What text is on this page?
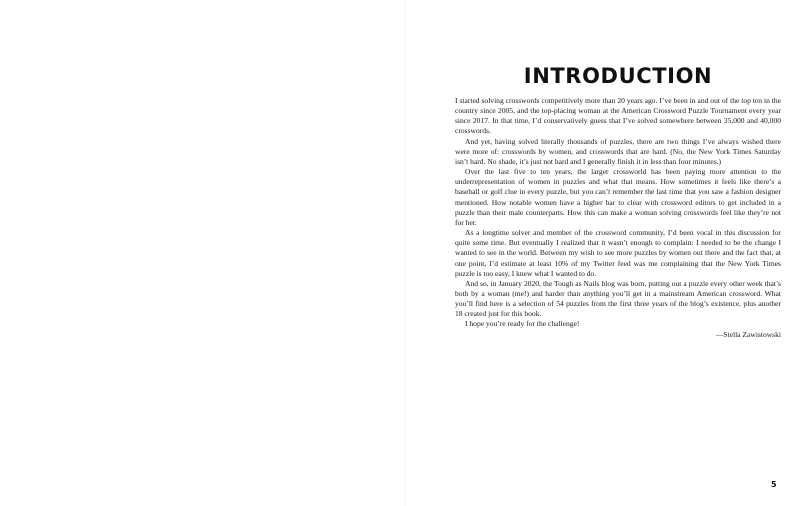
INTRODUCTION

I started solving crosswords competitively more than 20 years ago. I’ve been in and out of the top ten in the country since 2005, and the top-placing woman at the American Crossword Puzzle Tournament every year since 2017. In that time, I’d conservatively guess that I’ve solved somewhere between 35,000 and 40,000 crosswords.

And yet, having solved literally thousands of puzzles, there are two things I’ve always wished there were more of: crosswords by women, and crosswords that are hard. (No, the New York Times Saturday isn’t hard. No shade, it’s just not hard and I generally finish it in less than four minutes.)

Over the last five to ten years, the larger crossworld has been paying more attention to the underrepresentation of women in puzzles and what that means. How sometimes it feels like there’s a baseball or golf clue in every puzzle, but you can’t remember the last time that you saw a fashion designer mentioned. How notable women have a higher bar to clear with crossword editors to get included in a puzzle than their male counterparts. How this can make a woman solving crosswords feel like they’re not for her.

As a longtime solver and member of the crossword community, I’d been vocal in this discussion for quite some time. But eventually I realized that it wasn’t enough to complain: I needed to be the change I wanted to see in the world. Between my wish to see more puzzles by women out there and the fact that, at one point, I’d estimate at least 10% of my Twitter feed was me complaining that the New York Times puzzle is too easy, I knew what I wanted to do.

And so, in January 2020, the Tough as Nails blog was born, putting out a puzzle every other week that’s both by a woman (me!) and harder than anything you’ll get in a mainstream American crossword. What you’ll find here is a selection of 54 puzzles from the first three years of the blog’s existence, plus another 18 created just for this book.

I hope you’re ready for the challenge!

—Stella Zawistowski

5
